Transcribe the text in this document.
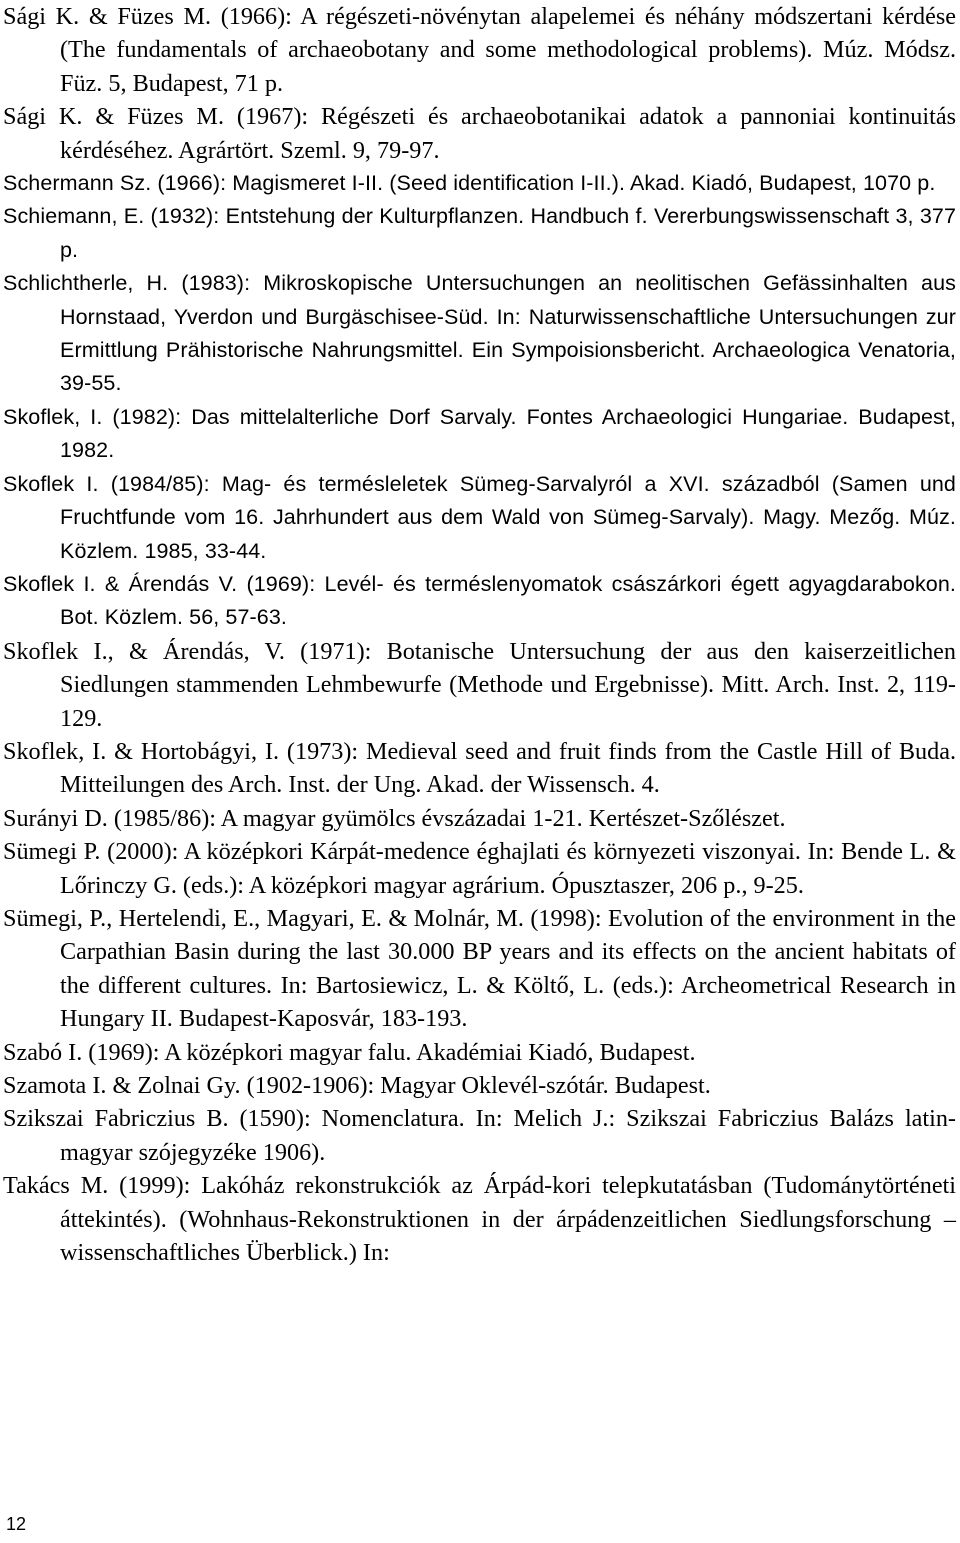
Sági K. & Füzes M. (1966): A régészeti-növénytan alapelemei és néhány módszertani kérdése (The fundamentals of archaeobotany and some methodological problems). Múz. Módsz. Füz. 5, Budapest, 71 p.

Sági K. & Füzes M. (1967): Régészeti és archaeobotanikai adatok a pannoniai kontinuitás kérdéséhez. Agrártört. Szeml. 9, 79-97.

Schermann Sz. (1966): Magismeret I-II. (Seed identification I-II.). Akad. Kiadó, Budapest, 1070 p.

Schiemann, E. (1932): Entstehung der Kulturpflanzen. Handbuch f. Vererbungswissenschaft 3, 377 p.

Schlichtherle, H. (1983): Mikroskopische Untersuchungen an neolitischen Gefässinhalten aus Hornstaad, Yverdon und Burgäschisee-Süd. In: Naturwissenschaftliche Untersuchungen zur Ermittlung Prähistorische Nahrungsmittel. Ein Sympoisionsbericht. Archaeologica Venatoria, 39-55.

Skoflek, I. (1982): Das mittelalterliche Dorf Sarvaly. Fontes Archaeologici Hungariae. Budapest, 1982.

Skoflek I. (1984/85): Mag- és termésleletek Sümeg-Sarvalyról a XVI. századból (Samen und Fruchtfunde vom 16. Jahrhundert aus dem Wald von Sümeg-Sarvaly). Magy. Mezőg. Múz. Közlem. 1985, 33-44.

Skoflek I. & Árendás V. (1969): Levél- és terméslenyomatok császárkori égett agyagdarabokon. Bot. Közlem. 56, 57-63.

Skoflek I., & Árendás, V. (1971): Botanische Untersuchung der aus den kaiserzeitlichen Siedlungen stammenden Lehmbewurfe (Methode und Ergebnisse). Mitt. Arch. Inst. 2, 119-129.

Skoflek, I. & Hortobágyi, I. (1973): Medieval seed and fruit finds from the Castle Hill of Buda. Mitteilungen des Arch. Inst. der Ung. Akad. der Wissensch. 4.

Surányi D. (1985/86): A magyar gyümölcs évszázadai 1-21. Kertészet-Szőlészet.

Sümegi P. (2000): A középkori Kárpát-medence éghajlati és környezeti viszonyai. In: Bende L. & Lőrinczy G. (eds.): A középkori magyar agrárium. Ópusztaszer, 206 p., 9-25.

Sümegi, P., Hertelendi, E., Magyari, E. & Molnár, M. (1998): Evolution of the environment in the Carpathian Basin during the last 30.000 BP years and its effects on the ancient habitats of the different cultures. In: Bartosiewicz, L. & Költő, L. (eds.): Archeometrical Research in Hungary II. Budapest-Kaposvár, 183-193.

Szabó I. (1969): A középkori magyar falu. Akadémiai Kiadó, Budapest.

Szamota I. & Zolnai Gy. (1902-1906): Magyar Oklevél-szótár. Budapest.

Szikszai Fabriczius B. (1590): Nomenclatura. In: Melich J.: Szikszai Fabriczius Balázs latin-magyar szójegyzéke 1906).

Takács M. (1999): Lakóház rekonstrukciók az Árpád-kori telepkutatásban (Tudománytörténeti áttekintés). (Wohnhaus-Rekonstruktionen in der árpádenzeitlichen Siedlungsforschung – wissenschaftliches Überblick.) In:

12
